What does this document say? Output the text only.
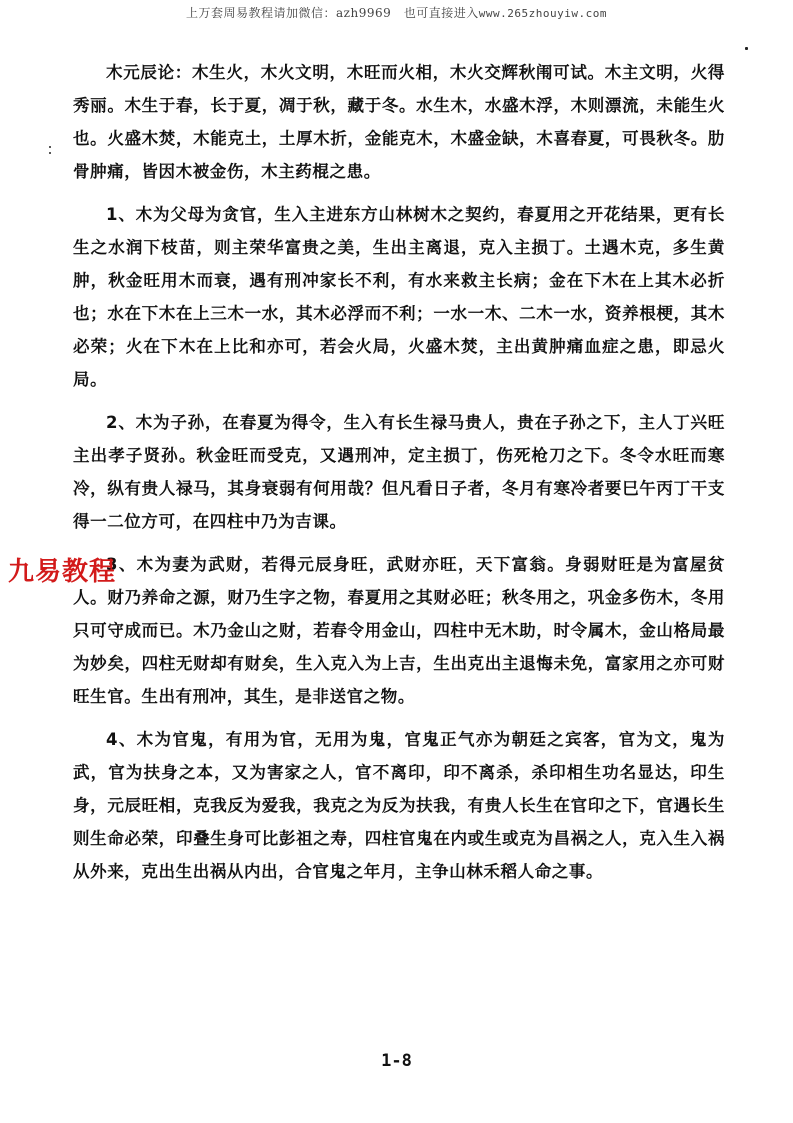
上万套周易教程请加微信：azh9969　也可直接进入www.265zhouyiw.com

木元辰论：木生火，木火文明，木旺而火相，木火交辉秋闱可试。木主文明，火得秀丽。木生于春，长于夏，凋于秋，藏于冬。水生木，水盛木浮，木则漂流，未能生火也。火盛木焚，木能克土，土厚木折，金能克木，木盛金缺，木喜春夏，可畏秋冬。肋骨肿痛，皆因木被金伤，木主药棍之患。

1、木为父母为贪官，生入主进东方山林树木之契约，春夏用之开花结果，更有长生之水润下枝苗，则主荣华富贵之美，生出主离退，克入主损丁。土遇木克，多生黄肿，秋金旺用木而衰，遇有刑冲家长不利，有水来救主长病；金在下木在上其木必折也；水在下木在上三木一水，其木必浮而不利；一水一木、二木一水，资养根梗，其木必荣；火在下木在上比和亦可，若会火局，火盛木焚，主出黄肿痛血症之患，即忌火局。

2、木为子孙，在春夏为得令，生入有长生禄马贵人，贵在子孙之下，主人丁兴旺主出孝子贤孙。秋金旺而受克，又遇刑冲，定主损丁，伤死枪刀之下。冬令水旺而寒冷，纵有贵人禄马，其身衰弱有何用哉？但凡看日子者，冬月有寒冷者要巳午丙丁干支得一二位方可，在四柱中乃为吉课。

3、木为妻为武财，若得元辰身旺，武财亦旺，天下富翁。身弱财旺是为富屋贫人。财乃养命之源，财乃生字之物，春夏用之其财必旺；秋冬用之，巩金多伤木，冬用只可守成而已。木乃金山之财，若春令用金山，四柱中无木助，时令属木，金山格局最为妙矣，四柱无财却有财矣，生入克入为上吉，生出克出主退悔未免，富家用之亦可财旺生官。生出有刑冲，其生，是非送官之物。

4、木为官鬼，有用为官，无用为鬼，官鬼正气亦为朝廷之宾客，官为文，鬼为武，官为扶身之本，又为害家之人，官不离印，印不离杀，杀印相生功名显达，印生身，元辰旺相，克我反为爱我，我克之为反为扶我，有贵人长生在官印之下，官遇长生则生命必荣，印叠生身可比彭祖之寿，四柱官鬼在内或生或克为昌祸之人，克入生入祸从外来，克出生出祸从内出，合官鬼之年月，主争山林禾稻人命之事。

九易教程
1-8
